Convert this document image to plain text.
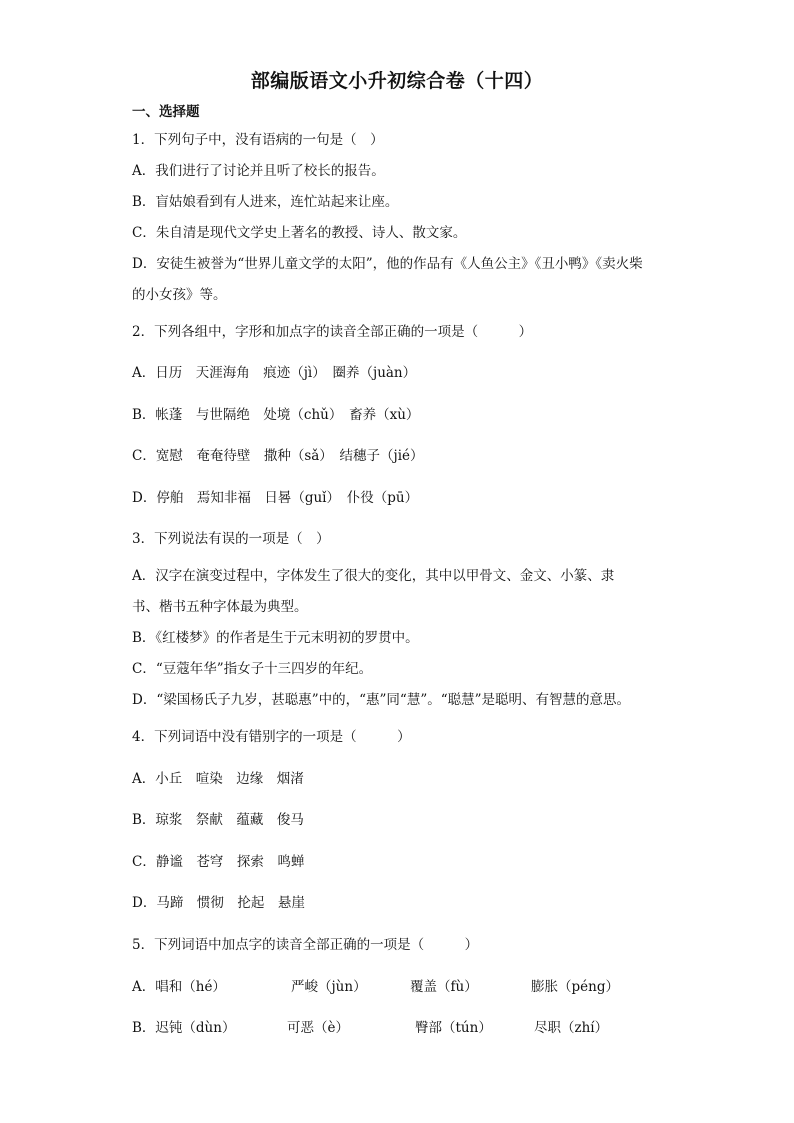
部编版语文小升初综合卷（十四）
一、选择题
1．下列句子中，没有语病的一句是（　）
A．我们进行了讨论并且听了校长的报告。
B．盲姑娘看到有人进来，连忙站起来让座。
C．朱自清是现代文学史上著名的教授、诗人、散文家。
D．安徒生被誉为“世界儿童文学的太阳”，他的作品有《人鱼公主》《丑小鸭》《卖火柴
的小女孩》等。
2．下列各组中，字形和加点字的读音全部正确的一项是（　　　）
A．日历　天涯海角　痕迹（jì）　圈养（juàn）
B．帐蓬　与世隔绝　处境（chǔ）　畜养（xù）
C．宽慰　奄奄待壁　撒种（sǎ）　结穗子（jié）
D．停舶　焉知非福　日晷（guǐ）　仆役（pū）
3．下列说法有误的一项是（　）
A．汉字在演变过程中，字体发生了很大的变化，其中以甲骨文、金文、小篆、隶
书、楷书五种字体最为典型。
B．《红楼梦》的作者是生于元末明初的罗贯中。
C．“豆蔻年华”指女子十三四岁的年纪。
D．“梁国杨氏子九岁，甚聪惠”中的，“惠”同“慧”。“聪慧”是聪明、有智慧的意思。
4．下列词语中没有错别字的一项是（　　　）
A．小丘　喧染　边缘　烟渚
B．琼浆　祭献　蕴藏　俊马
C．静谧　苍穹　探索　鸣蝉
D．马蹄　惯彻　抡起　悬崖
5．下列词语中加点字的读音全部正确的一项是（　　　）
A．唱和（hé）	严峻（jùn）	覆盖（fù）	膨胀（péng）
B．迟钝（dùn）	可恶（è）	臀部（tún）	尽职（zhí）
